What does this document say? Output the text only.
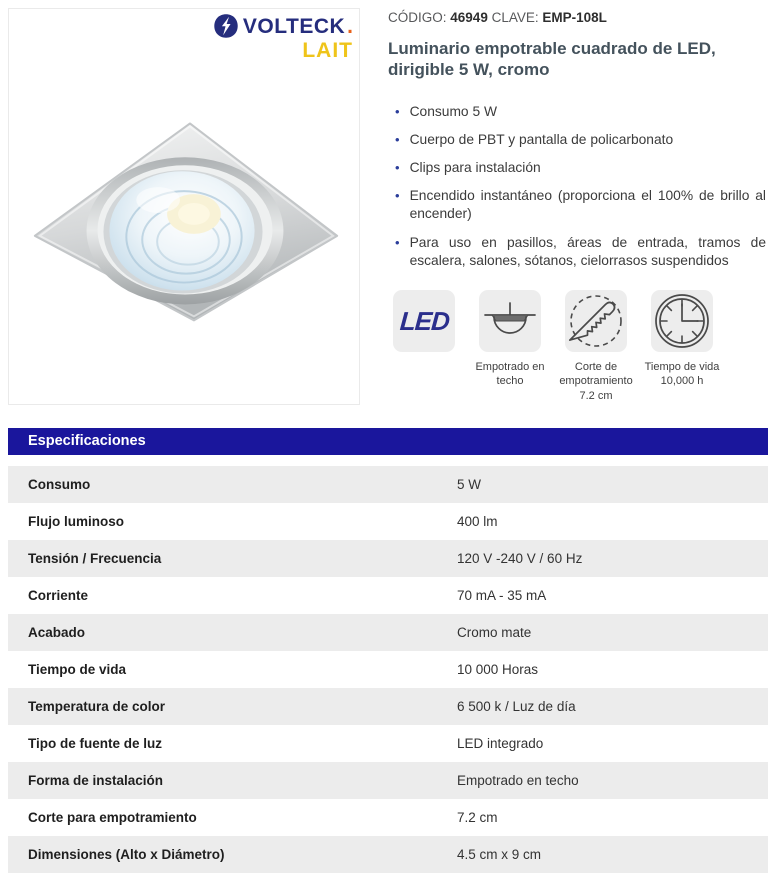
VOLTECK .
LAIT
CÓDIGO: 46949 CLAVE: EMP-108L
Luminario empotrable cuadrado de LED, dirigible 5 W, cromo
• Consumo 5 W
• Cuerpo de PBT y pantalla de policarbonato
• Clips para instalación
• Encendido instantáneo (proporciona el 100% de brillo al encender)
• Para uso en pasillos, áreas de entrada, tramos de escalera, salones, sótanos, cielorrasos suspendidos
LED
Empotrado en techo
Corte de empotramiento 7.2 cm
Tiempo de vida 10,000 h
Especificaciones
Consumo	5 W
Flujo luminoso	400 lm
Tensión / Frecuencia	120 V -240 V / 60 Hz
Corriente	70 mA - 35 mA
Acabado	Cromo mate
Tiempo de vida	10 000 Horas
Temperatura de color	6 500 k / Luz de día
Tipo de fuente de luz	LED integrado
Forma de instalación	Empotrado en techo
Corte para empotramiento	7.2 cm
Dimensiones (Alto x Diámetro)	4.5 cm x 9 cm
